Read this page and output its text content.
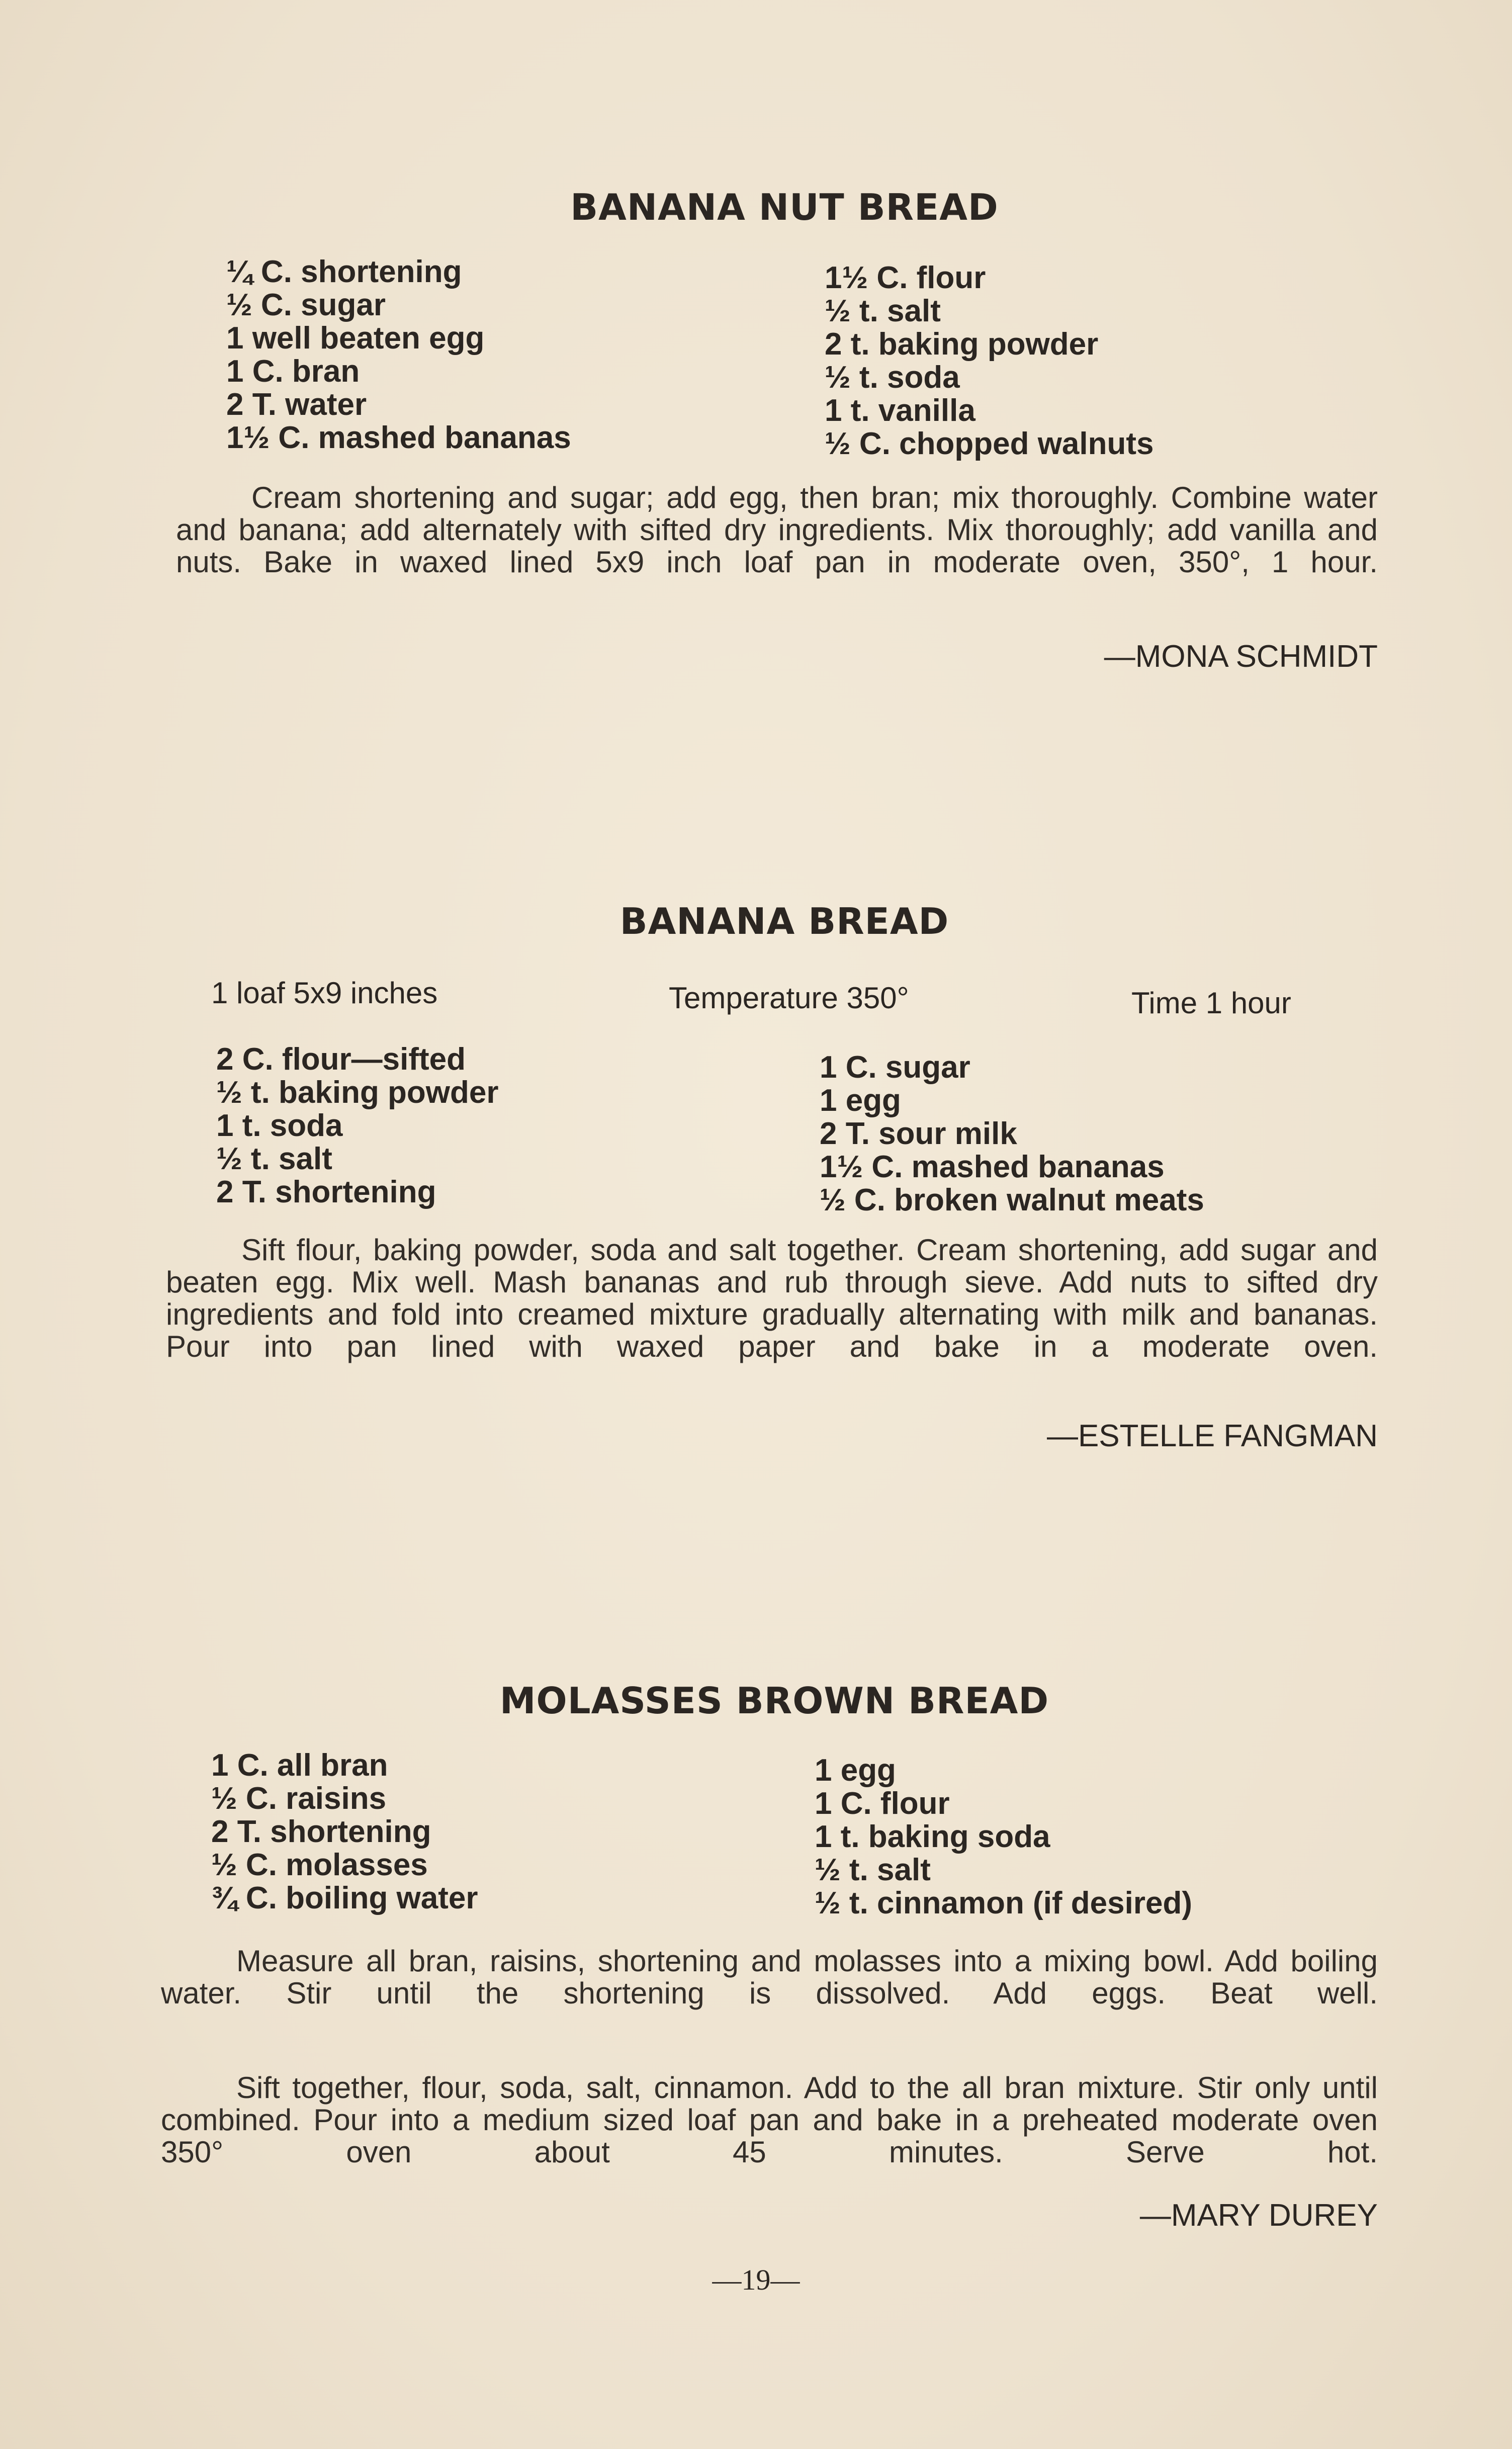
BANANA NUT BREAD
¼ C. shortening
½ C. sugar
1 well beaten egg
1 C. bran
2 T. water
1½ C. mashed bananas
1½ C. flour
½ t. salt
2 t. baking powder
½ t. soda
1 t. vanilla
½ C. chopped walnuts

Cream shortening and sugar; add egg, then bran; mix thoroughly. Combine water and banana; add alternately with sifted dry ingredients. Mix thoroughly; add vanilla and nuts. Bake in waxed lined 5x9 inch loaf pan in moderate oven, 350°, 1 hour.

—MONA SCHMIDT
BANANA BREAD
1 loaf 5x9 inches	Temperature 350°	Time 1 hour
2 C. flour—sifted
½ t. baking powder
1 t. soda
½ t. salt
2 T. shortening
1 C. sugar
1 egg
2 T. sour milk
1½ C. mashed bananas
½ C. broken walnut meats

Sift flour, baking powder, soda and salt together. Cream shortening, add sugar and beaten egg. Mix well. Mash bananas and rub through sieve. Add nuts to sifted dry ingredients and fold into creamed mixture gradually alternating with milk and bananas. Pour into pan lined with waxed paper and bake in a moderate oven.

—ESTELLE FANGMAN
MOLASSES BROWN BREAD
1 C. all bran
½ C. raisins
2 T. shortening
½ C. molasses
¾ C. boiling water
1 egg
1 C. flour
1 t. baking soda
½ t. salt
½ t. cinnamon (if desired)

Measure all bran, raisins, shortening and molasses into a mixing bowl. Add boiling water. Stir until the shortening is dissolved. Add eggs. Beat well.

Sift together, flour, soda, salt, cinnamon. Add to the all bran mixture. Stir only until combined. Pour into a medium sized loaf pan and bake in a preheated moderate oven 350° oven about 45 minutes. Serve hot.

—MARY DUREY
—19—
